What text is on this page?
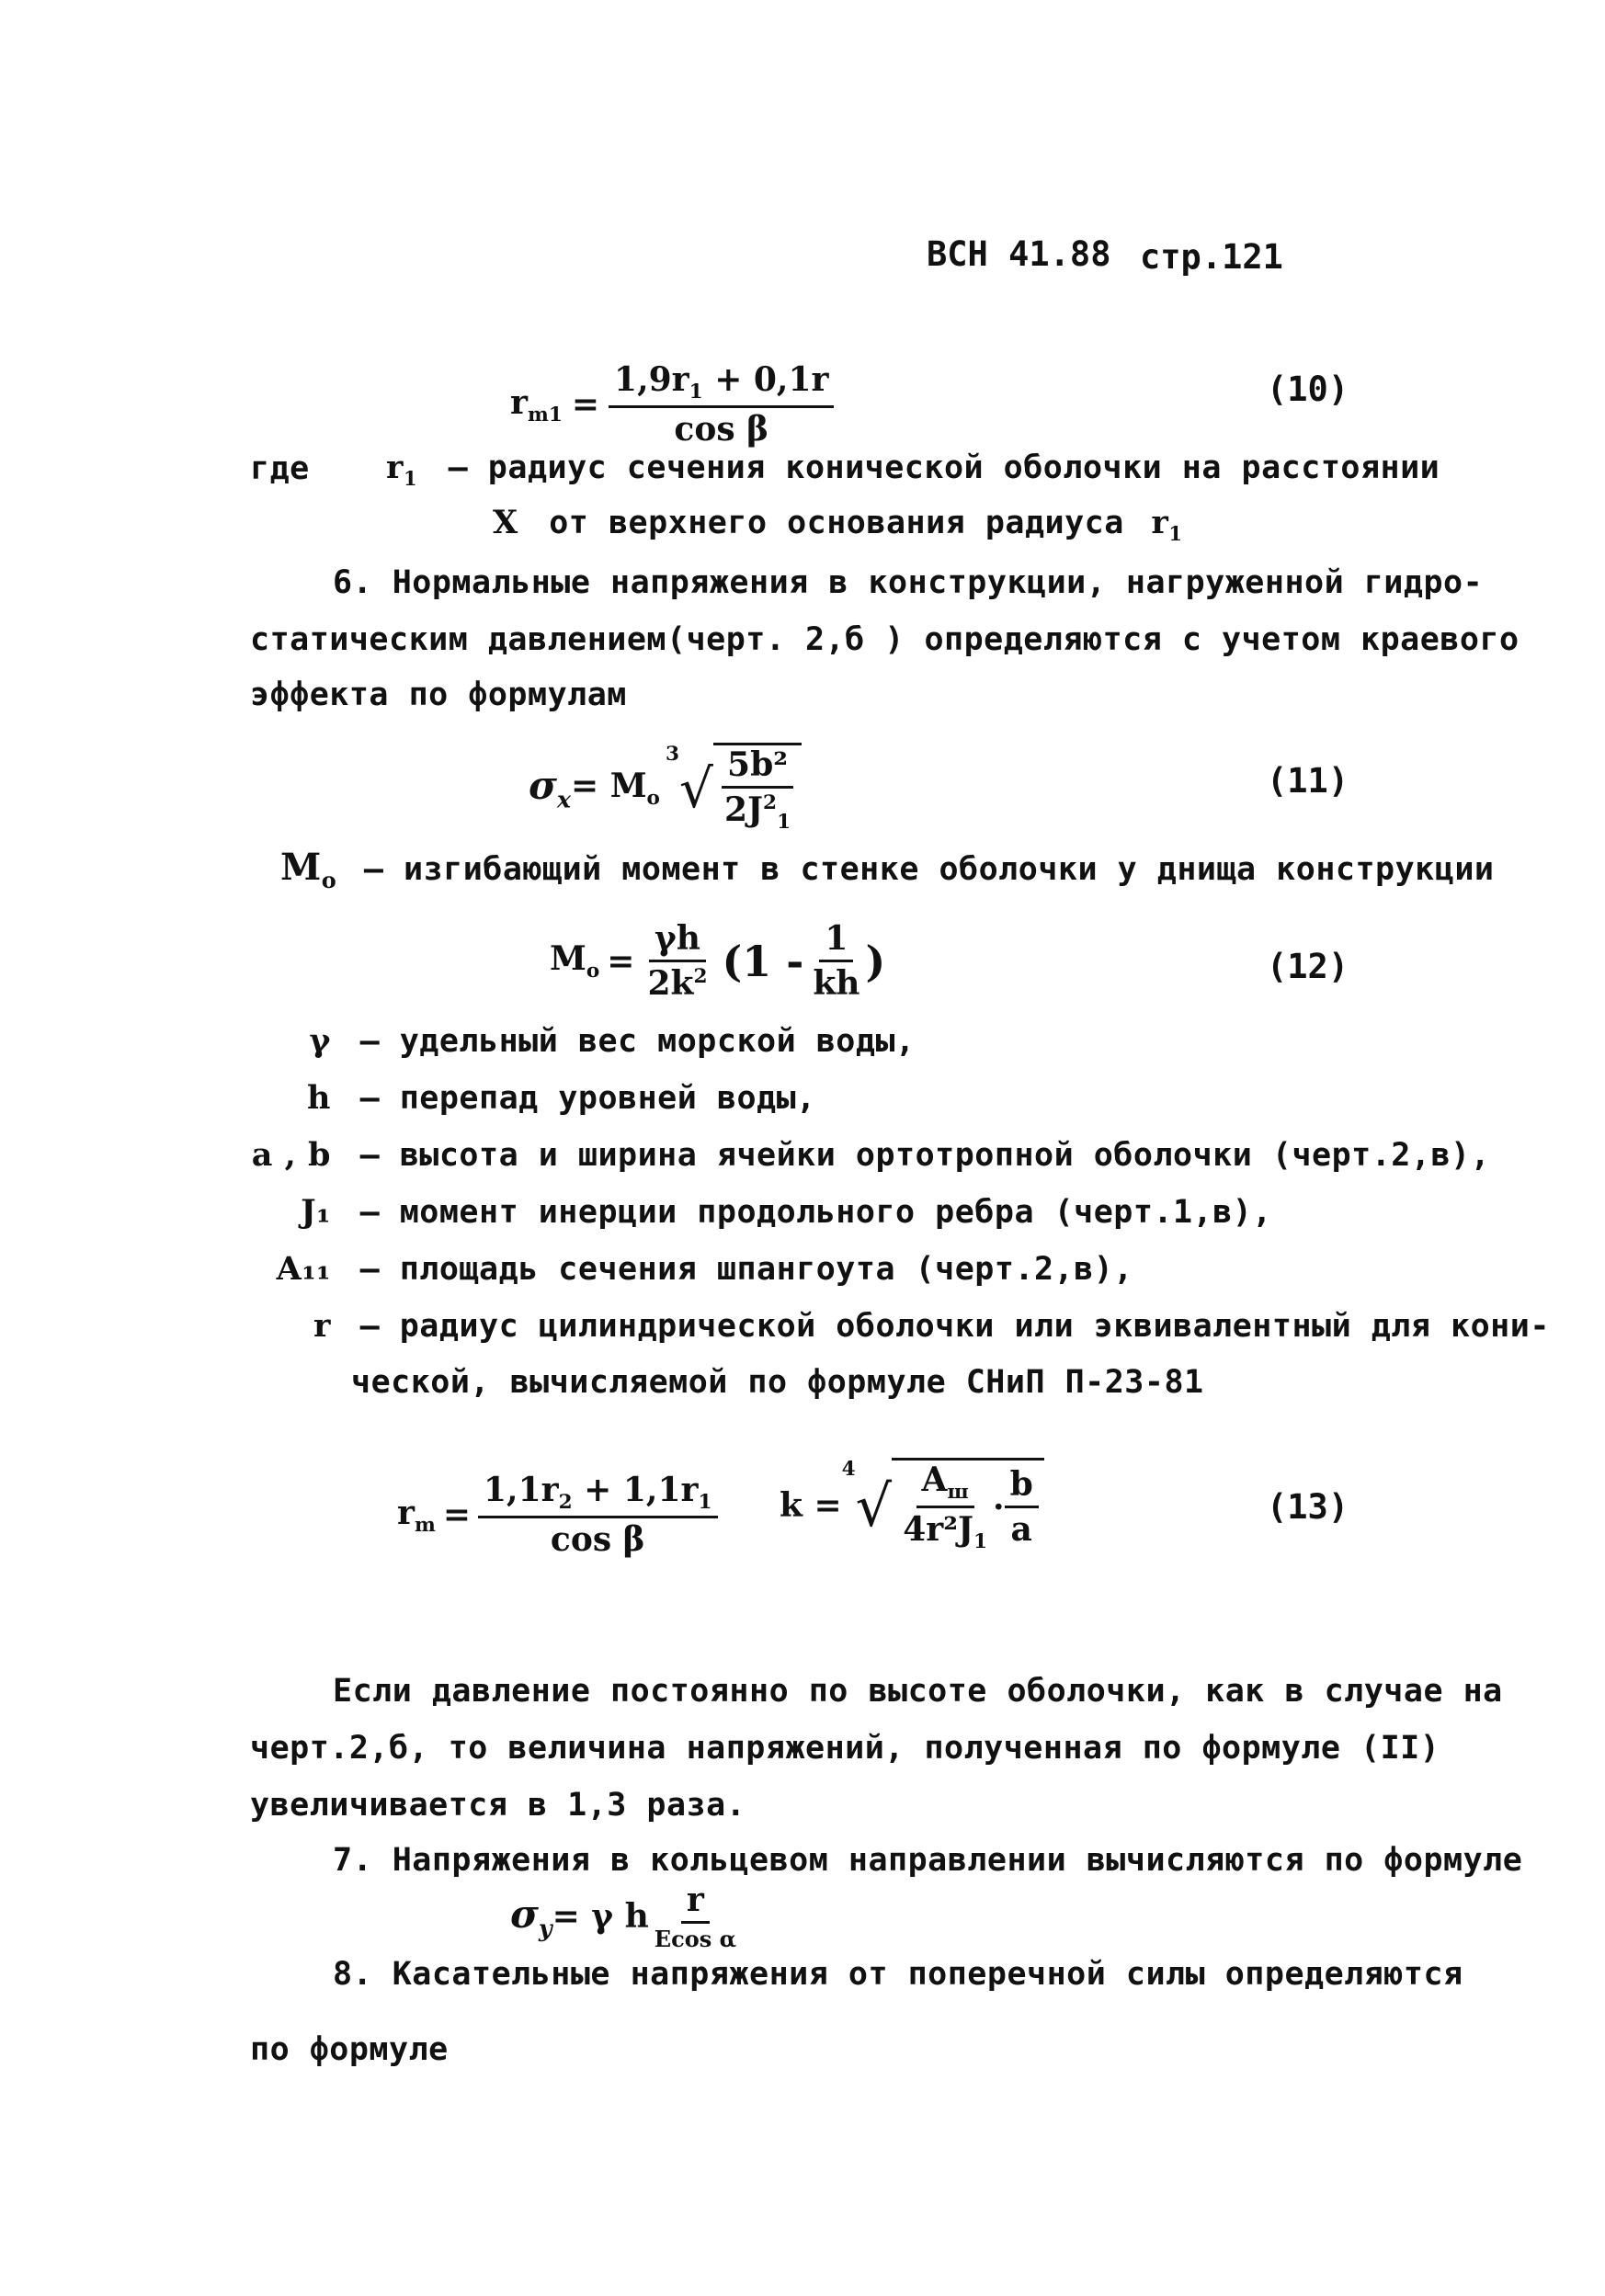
ВСН 41.88 стр.121
$r_{m1} = \frac{1,9r_1 + 0,1r}{\text{cos β}}$	(10)
где $r_1$ – радиус сечения конической оболочки на расстоянии
X от верхнего основания радиуса $r_1$
6. Нормальные напряжения в конструкции, нагруженной гидро-
статическим давлением(черт. 2,б ) определяются с учетом краевого
эффекта по формулам
$\sigma_x = M_o$
3
√ $\frac{\text{5b²}}{2J^2_1}$	(11)
$M_o$ – изгибающий момент в стенке оболочки у днища конструкции
$M_o = \frac{\gamma h}{2k^2} (1 - \frac{1}{kh}$ )	(12)
γ – удельный вес морской воды,
h – перепад уровней воды,
a , b – высота и ширина ячейки ортотропной оболочки (черт.2,в),
J₁ – момент инерции продольного ребра (черт.1,в),
A₁₁ – площадь сечения шпангоута (черт.2,в),
r – радиус цилиндрической оболочки или эквивалентный для кони-
ческой, вычисляемой по формуле СНиП П-23-81
$r_m = \frac{1,1r_2 + 1,1r_1}{\text{cos β}}$ k =
4
√ $\frac{A_ш}{4r^2J_1} \cdot \frac{b}{a}$	(13)
Если давление постоянно по высоте оболочки, как в случае на
черт.2,б, то величина напряжений, полученная по формуле (II)
увеличивается в 1,3 раза.
7. Напряжения в кольцевом направлении вычисляются по формуле
$\sigma_y = \gamma$ h $\frac{r}{\text{Ecos α}}$
8. Касательные напряжения от поперечной силы определяются
по формуле
